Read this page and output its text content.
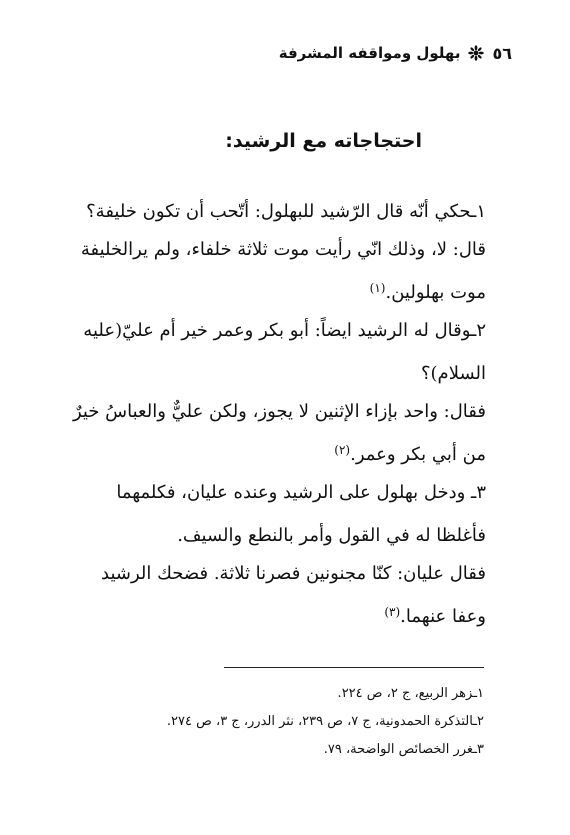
٥٦
بهلول ومواقفه المشرفة
احتجاجاته مع الرشيد:

١ـحكي أنّه قال الرّشيد للبهلول: أتّحب أن تكون خليفة؟

قال: لا، وذلك انّي رأيت موت ثلاثة خلفاء، ولم يرالخليفة موت بهلولين.$^{(١)}$

٢ـوقال له الرشيد ايضاً: أبو بكر وعمر خير أم عليّ(عليه السلام)؟

فقال: واحد بإزاء الإثنين لا يجوز، ولكن عليٌّ والعباسُ خيرٌ من أبي بكر وعمر.$^{(٢)}$

٣ـ ودخل بهلول على الرشيد وعنده عليان، فكلمهما فأغلظا له في القول وأمر بالنطع والسيف.

فقال عليان: كنّا مجنونين فصرنا ثلاثة. فضحك الرشيد وعفا عنهما.$^{(٣)}$

١ـزهر الربيع، ج ٢، ص ٢٢٤.
٢ـالتذكرة الحمدونية، ج ٧، ص ٢٣٩، نثر الدرر، ج ٣، ص ٢٧٤.
٣ـغرر الخصائص الواضحة، ٧٩.
